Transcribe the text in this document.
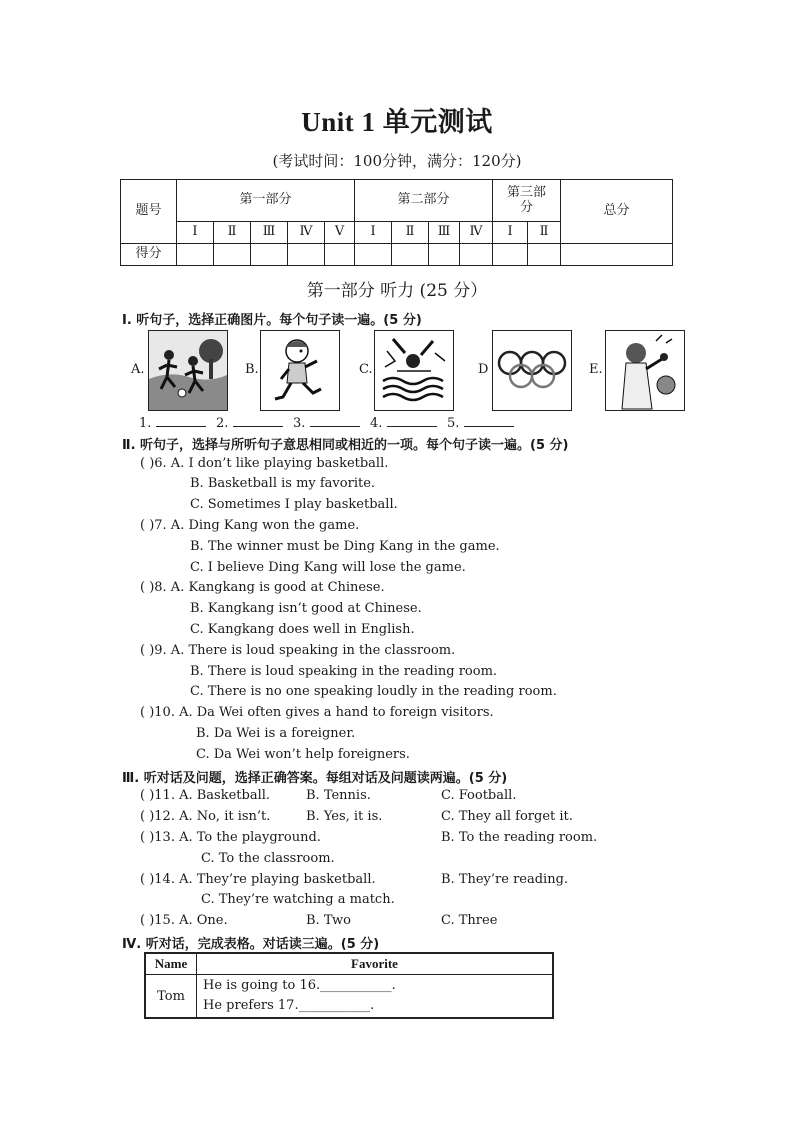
Unit 1 单元测试
(考试时间：100分钟，满分：120分)
题号	第一部分					第二部分				第三部分		总分
	Ⅰ	Ⅱ	Ⅲ	Ⅳ	Ⅴ	Ⅰ	Ⅱ	Ⅲ	Ⅳ	Ⅰ	Ⅱ	
得分												
第一部分 听力 (25 分）
Ⅰ. 听句子，选择正确图片。每个句子读一遍。(5 分)
A.	B.	C.	D	E.
1.	2.	3.	4.	5.
Ⅱ. 听句子，选择与所听句子意思相同或相近的一项。每个句子读一遍。(5 分)
( )6. A. I don’t like playing basketball.
B. Basketball is my favorite.
C. Sometimes I play basketball.
( )7. A. Ding Kang won the game.
B. The winner must be Ding Kang in the game.
C. I believe Ding Kang will lose the game.
( )8. A. Kangkang is good at Chinese.
B. Kangkang isn’t good at Chinese.
C. Kangkang does well in English.
( )9. A. There is loud speaking in the classroom.
B. There is loud speaking in the reading room.
C. There is no one speaking loudly in the reading room.
( )10. A. Da Wei often gives a hand to foreign visitors.
B. Da Wei is a foreigner.
C. Da Wei won’t help foreigners.
Ⅲ. 听对话及问题，选择正确答案。每组对话及问题读两遍。(5 分)
( )11. A. Basketball.	B. Tennis.	C. Football.
( )12. A. No, it isn’t.	B. Yes, it is.	C. They all forget it.
( )13. A. To the playground.	B. To the reading room.
C. To the classroom.
( )14. A. They’re playing basketball.	B. They’re reading.
C. They’re watching a match.
( )15. A. One.	B. Two	C. Three
Ⅳ. 听对话，完成表格。对话读三遍。(5 分)
Name	Favorite
Tom	He is going to 16.___________.
He prefers 17.___________.
